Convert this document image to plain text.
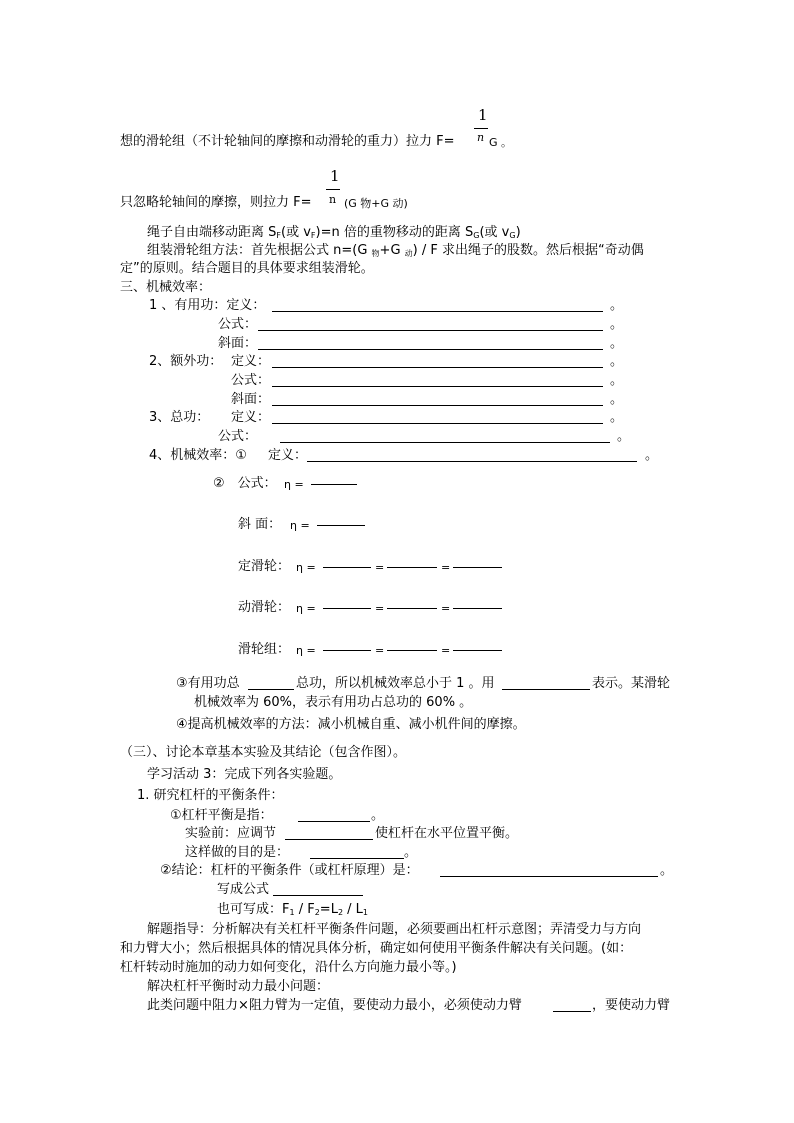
想的滑轮组（不计轮轴间的摩擦和动滑轮的重力）拉力 F=
1
n G 。
只忽略轮轴间的摩擦，则拉力 F=
1
n (G 物+G 动)
绳子自由端移动距离 $S_F$(或 $v_F)=n$ 倍的重物移动的距离 $S_G$(或 $v_G$)
组装滑轮组方法：首先根据公式 n=(G $_物$+G $_动$) / F 求出绳子的股数。然后根据“奇动偶
定”的原则。结合题目的具体要求组装滑轮。
三、机械效率：
1 、有用功：定义：	。
公式：	。
斜面：	。
2、额外功： 定义：	。
公式：	。
斜面：	。
3、总功： 定义：	。
公式：	。
4、机械效率：① 定义：	。
②　公式： η =
斜 面： η =
定滑轮： η =	=	=
动滑轮： η =	=	=
滑轮组： η =	=	=
③有用功总	总功，所以机械效率总小于 1 。用	表示。某滑轮
机械效率为 60%，表示有用功占总功的 60% 。
④提高机械效率的方法：减小机械自重、减小机件间的摩擦。
（三）、讨论本章基本实验及其结论（包含作图）。
学习活动 3：完成下列各实验题。
1. 研究杠杆的平衡条件：
①杠杆平衡是指：	。
实验前：应调节	使杠杆在水平位置平衡。
这样做的目的是：	。
②结论：杠杆的平衡条件（或杠杆原理）是：	。
写成公式
也可写成：$F_1 / F_2=L_2 / L_1$
解题指导：分析解决有关杠杆平衡条件问题，必须要画出杠杆示意图；弄清受力与方向
和力臂大小；然后根据具体的情况具体分析，确定如何使用平衡条件解决有关问题。(如：
杠杆转动时施加的动力如何变化，沿什么方向施力最小等。)
解决杠杆平衡时动力最小问题：
此类问题中阻力×阻力臂为一定值，要使动力最小，必须使动力臂	，要使动力臂
